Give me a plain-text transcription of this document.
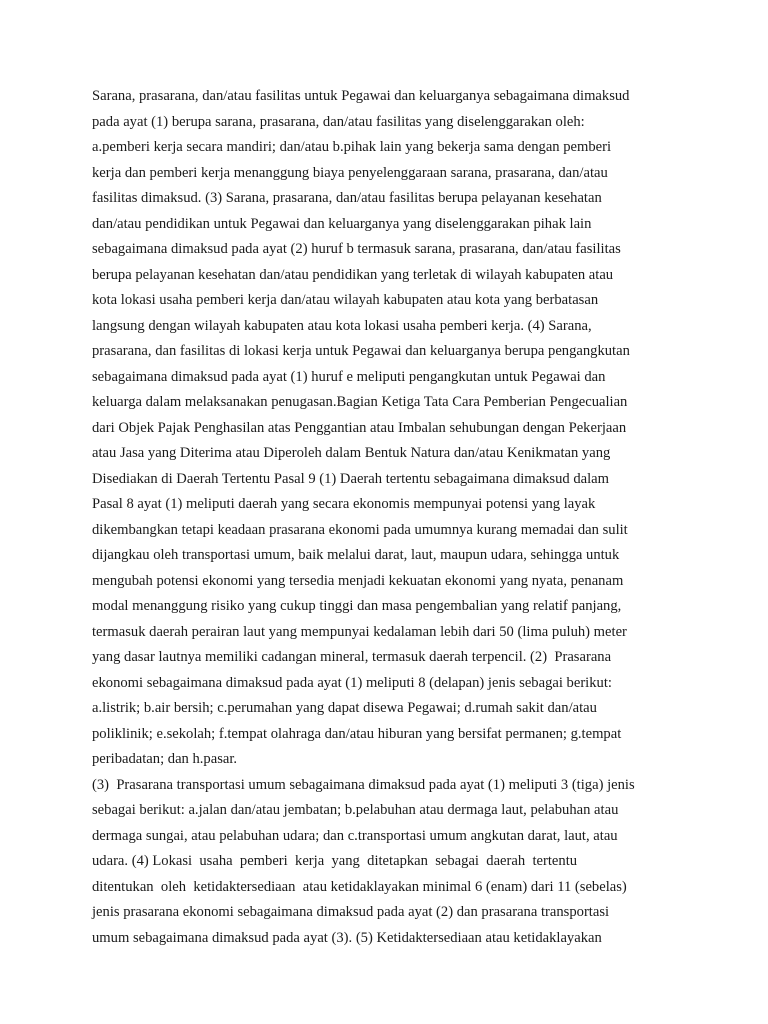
Sarana, prasarana, dan/atau fasilitas untuk Pegawai dan keluarganya sebagaimana dimaksud
pada ayat (1) berupa sarana, prasarana, dan/atau fasilitas yang diselenggarakan oleh:
a.pemberi kerja secara mandiri; dan/atau b.pihak lain yang bekerja sama dengan pemberi
kerja dan pemberi kerja menanggung biaya penyelenggaraan sarana, prasarana, dan/atau
fasilitas dimaksud. (3) Sarana, prasarana, dan/atau fasilitas berupa pelayanan kesehatan
dan/atau pendidikan untuk Pegawai dan keluarganya yang diselenggarakan pihak lain
sebagaimana dimaksud pada ayat (2) huruf b termasuk sarana, prasarana, dan/atau fasilitas
berupa pelayanan kesehatan dan/atau pendidikan yang terletak di wilayah kabupaten atau
kota lokasi usaha pemberi kerja dan/atau wilayah kabupaten atau kota yang berbatasan
langsung dengan wilayah kabupaten atau kota lokasi usaha pemberi kerja. (4) Sarana,
prasarana, dan fasilitas di lokasi kerja untuk Pegawai dan keluarganya berupa pengangkutan
sebagaimana dimaksud pada ayat (1) huruf e meliputi pengangkutan untuk Pegawai dan
keluarga dalam melaksanakan penugasan.Bagian Ketiga Tata Cara Pemberian Pengecualian
dari Objek Pajak Penghasilan atas Penggantian atau Imbalan sehubungan dengan Pekerjaan
atau Jasa yang Diterima atau Diperoleh dalam Bentuk Natura dan/atau Kenikmatan yang
Disediakan di Daerah Tertentu Pasal 9 (1) Daerah tertentu sebagaimana dimaksud dalam
Pasal 8 ayat (1) meliputi daerah yang secara ekonomis mempunyai potensi yang layak
dikembangkan tetapi keadaan prasarana ekonomi pada umumnya kurang memadai dan sulit
dijangkau oleh transportasi umum, baik melalui darat, laut, maupun udara, sehingga untuk
mengubah potensi ekonomi yang tersedia menjadi kekuatan ekonomi yang nyata, penanam
modal menanggung risiko yang cukup tinggi dan masa pengembalian yang relatif panjang,
termasuk daerah perairan laut yang mempunyai kedalaman lebih dari 50 (lima puluh) meter
yang dasar lautnya memiliki cadangan mineral, termasuk daerah terpencil. (2)  Prasarana
ekonomi sebagaimana dimaksud pada ayat (1) meliputi 8 (delapan) jenis sebagai berikut:
a.listrik; b.air bersih; c.perumahan yang dapat disewa Pegawai; d.rumah sakit dan/atau
poliklinik; e.sekolah; f.tempat olahraga dan/atau hiburan yang bersifat permanen; g.tempat
peribadatan; dan h.pasar.
(3)  Prasarana transportasi umum sebagaimana dimaksud pada ayat (1) meliputi 3 (tiga) jenis
sebagai berikut: a.jalan dan/atau jembatan; b.pelabuhan atau dermaga laut, pelabuhan atau
dermaga sungai, atau pelabuhan udara; dan c.transportasi umum angkutan darat, laut, atau
udara. (4) Lokasi  usaha  pemberi  kerja  yang  ditetapkan  sebagai  daerah  tertentu
ditentukan  oleh  ketidaktersediaan  atau ketidaklayakan minimal 6 (enam) dari 11 (sebelas)
jenis prasarana ekonomi sebagaimana dimaksud pada ayat (2) dan prasarana transportasi
umum sebagaimana dimaksud pada ayat (3). (5) Ketidaktersediaan atau ketidaklayakan
